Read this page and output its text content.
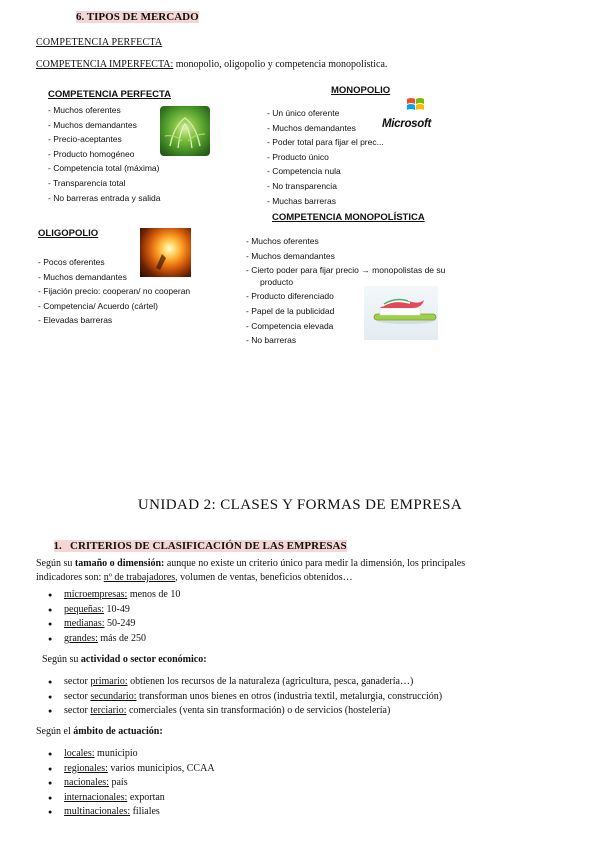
6. TIPOS DE MERCADO
COMPETENCIA PERFECTA
COMPETENCIA IMPERFECTA: monopolio, oligopolio y competencia monopolística.
COMPETENCIA PERFECTA
- Muchos oferentes
- Muchos demandantes
- Precio-aceptantes
- Producto homogéneo
- Competencia total (máxima)
- Transparencia total
- No barreras entrada y salida
MONOPOLIO
- Un único oferente
- Muchos demandantes
- Poder total para fijar el prec...
- Producto único
- Competencia nula
- No transparencia
- Muchas barreras
Microsoft
COMPETENCIA MONOPOLÍSTICA
- Muchos oferentes
- Muchos demandantes
- Cierto poder para fijar precio → monopolistas de su
producto
- Producto diferenciado
- Papel de la publicidad
- Competencia elevada
- No barreras
OLIGOPOLIO
- Pocos oferentes
- Muchos demandantes
- Fijación precio: cooperan/ no cooperan
- Competencia/ Acuerdo (cártel)
- Elevadas barreras
UNIDAD 2: CLASES Y FORMAS DE EMPRESA

1.   CRITERIOS DE CLASIFICACIÓN DE LAS EMPRESAS

Según su tamaño o dimensión: aunque no existe un criterio único para medir la dimensión, los principales
indicadores son: nº de trabajadores, volumen de ventas, beneficios obtenidos…
● microempresas: menos de 10
● pequeñas: 10-49
● medianas: 50-249
● grandes: más de 250
Según su actividad o sector económico:
● sector primario: obtienen los recursos de la naturaleza (agricultura, pesca, ganadería…)
● sector secundario: transforman unos bienes en otros (industria textil, metalurgia, construcción)
● sector terciario: comerciales (venta sin transformación) o de servicios (hostelería)
Según el ámbito de actuación:
● locales: municipio
● regionales: varios municipios, CCAA
● nacionales: país
● internacionales: exportan
● multinacionales: filiales
